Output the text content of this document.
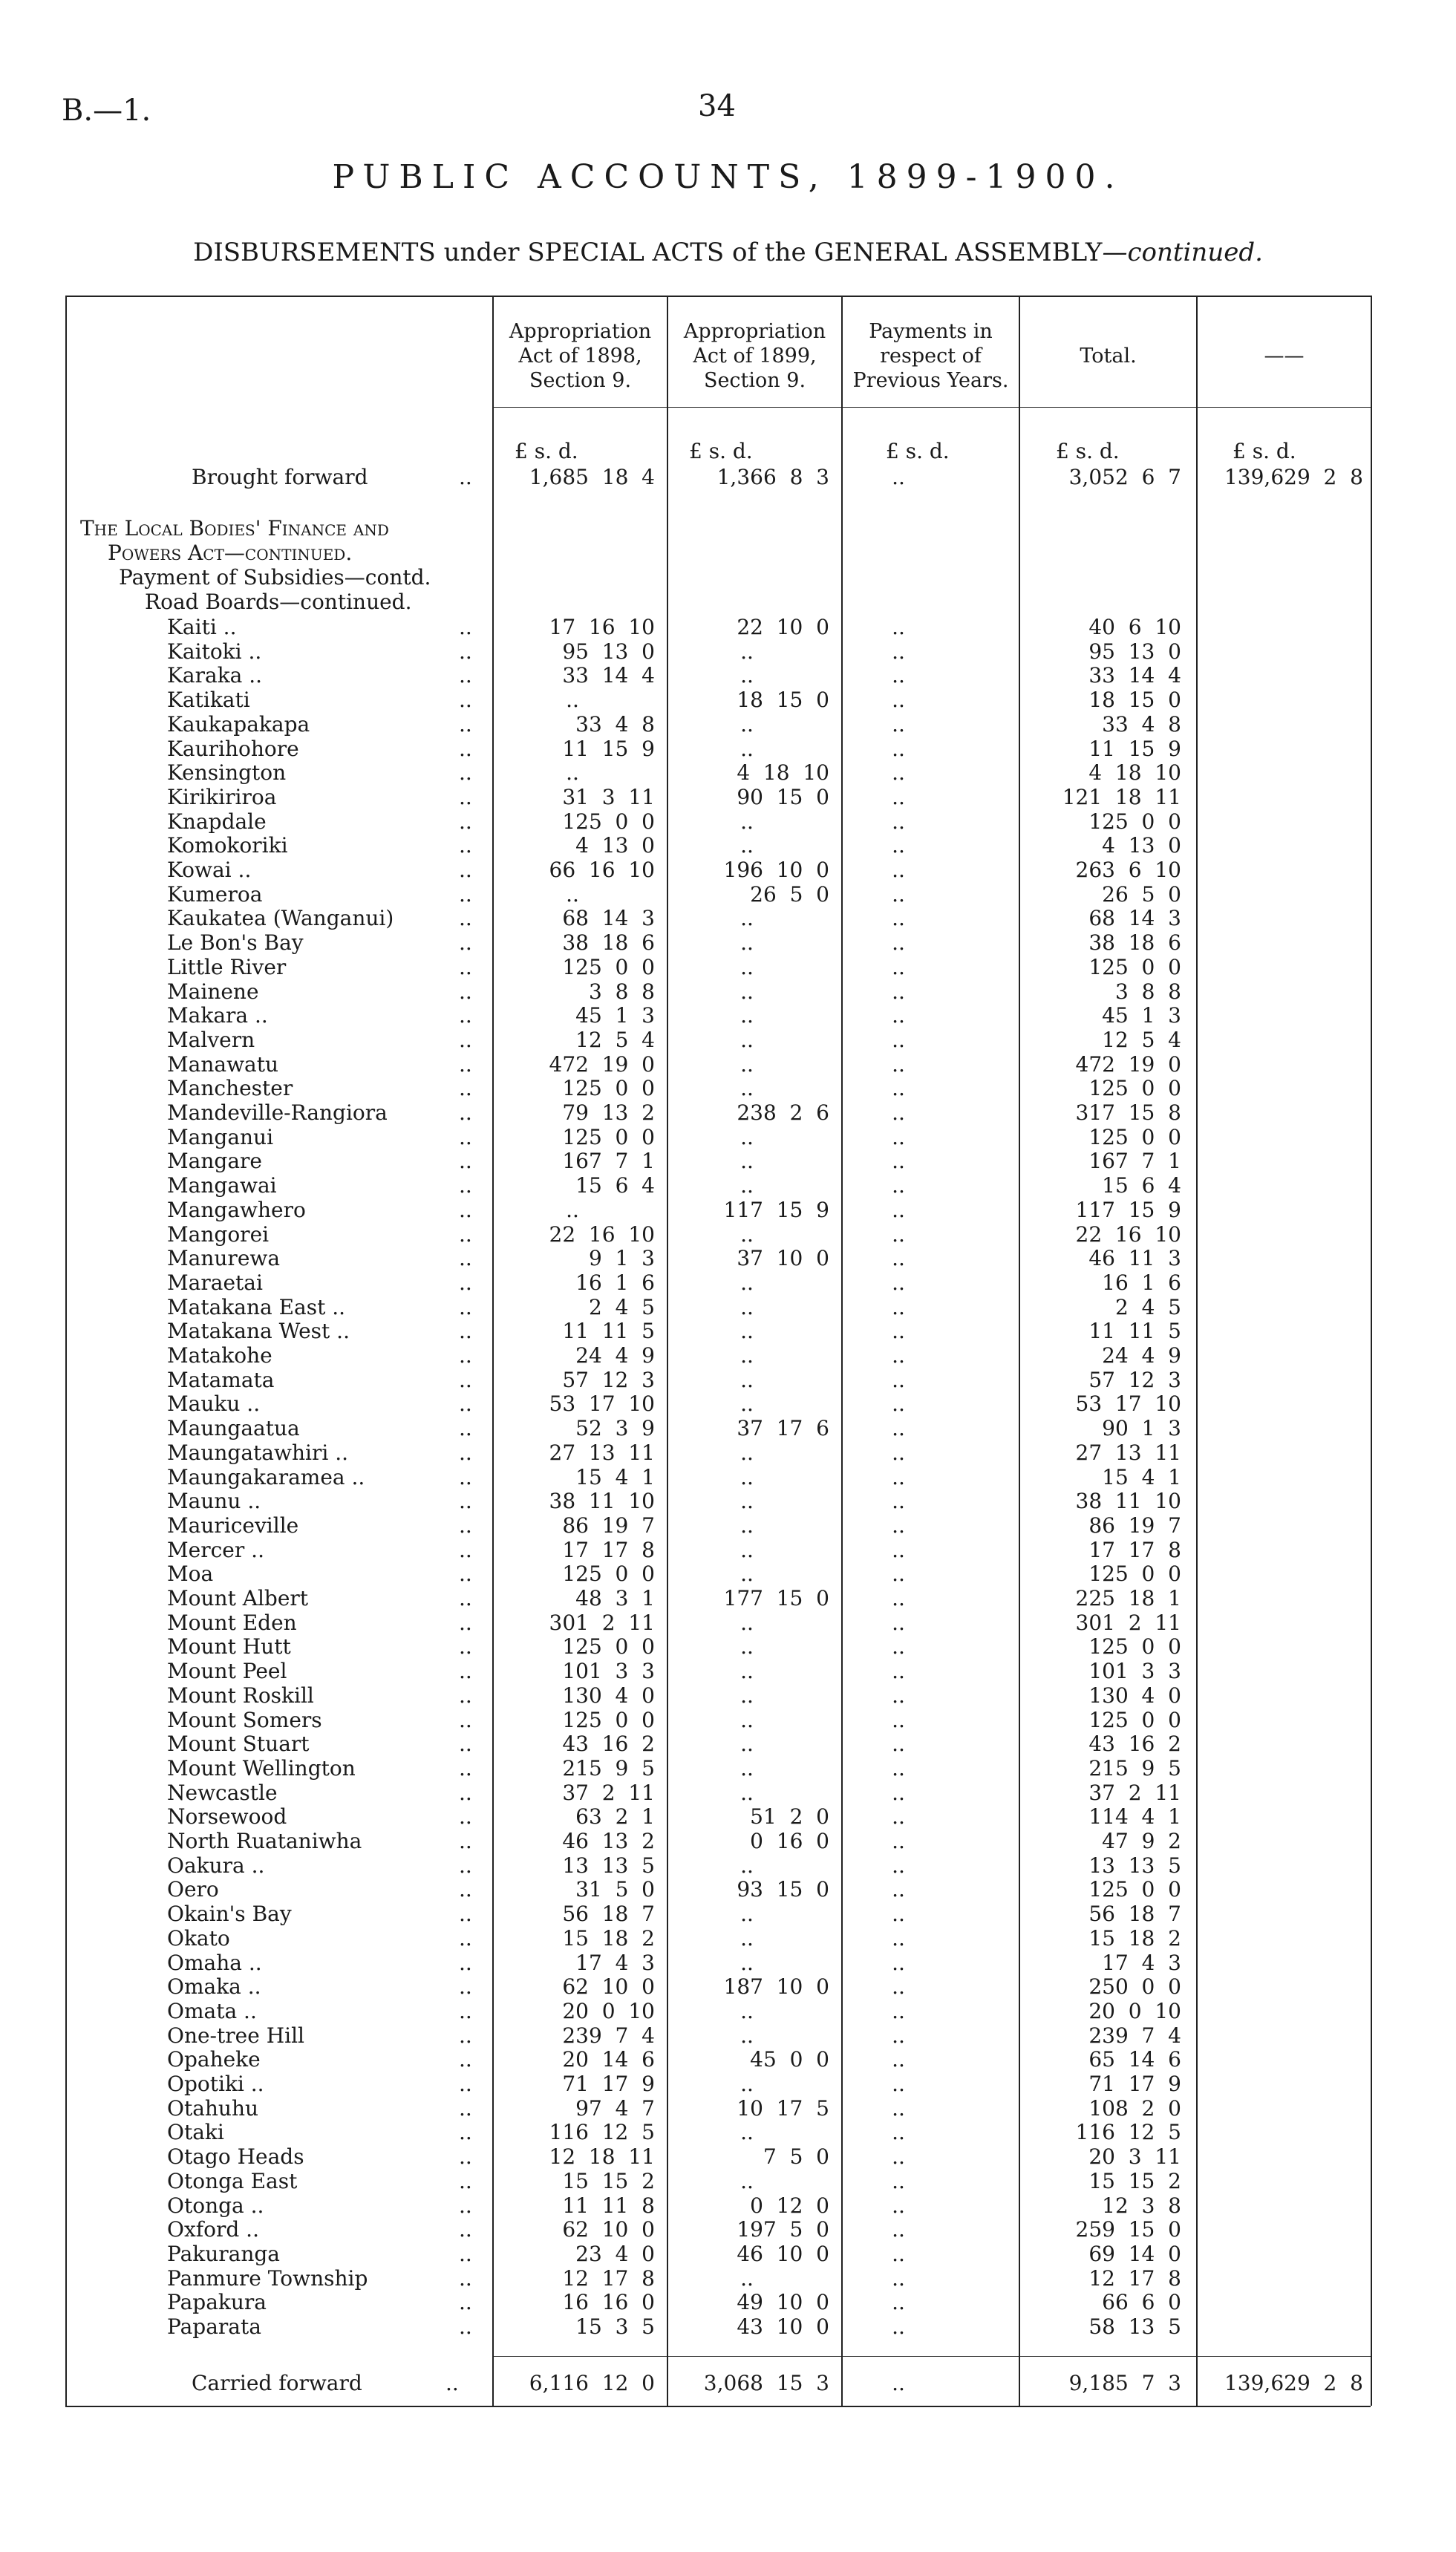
B.—1.	34
PUBLIC ACCOUNTS, 1899-1900.
DISBURSEMENTS under SPECIAL ACTS of the GENERAL ASSEMBLY—continued.
Appropriation
Act of 1898,
Section 9.
Appropriation
Act of 1899,
Section 9.
Payments in
respect of
Previous Years.
Total.	——
£ s. d.	£ s. d.	£ s. d.	£ s. d.	£ s. d.
Brought forward	..	1,685  18  4	1,366  8  3	..	3,052  6  7	139,629  2  8
The Local Bodies' Finance and
Powers Act—continued.
Payment of Subsidies—contd.
Road Boards—continued.
Kaiti ..	..	17  16  10	22  10  0	..	40  6  10
Kaitoki ..	..	95  13  0	..	..	95  13  0
Karaka ..	..	33  14  4	..	..	33  14  4
Katikati	..	..	18  15  0	..	18  15  0
Kaukapakapa	..	33  4  8	..	..	33  4  8
Kaurihohore	..	11  15  9	..	..	11  15  9
Kensington	..	..	4  18  10	..	4  18  10
Kirikiriroa	..	31  3  11	90  15  0	..	121  18  11
Knapdale	..	125  0  0	..	..	125  0  0
Komokoriki	..	4  13  0	..	..	4  13  0
Kowai ..	..	66  16  10	196  10  0	..	263  6  10
Kumeroa	..	..	26  5  0	..	26  5  0
Kaukatea (Wanganui)	..	68  14  3	..	..	68  14  3
Le Bon's Bay	..	38  18  6	..	..	38  18  6
Little River	..	125  0  0	..	..	125  0  0
Mainene	..	3  8  8	..	..	3  8  8
Makara ..	..	45  1  3	..	..	45  1  3
Malvern	..	12  5  4	..	..	12  5  4
Manawatu	..	472  19  0	..	..	472  19  0
Manchester	..	125  0  0	..	..	125  0  0
Mandeville-Rangiora	..	79  13  2	238  2  6	..	317  15  8
Manganui	..	125  0  0	..	..	125  0  0
Mangare	..	167  7  1	..	..	167  7  1
Mangawai	..	15  6  4	..	..	15  6  4
Mangawhero	..	..	117  15  9	..	117  15  9
Mangorei	..	22  16  10	..	..	22  16  10
Manurewa	..	9  1  3	37  10  0	..	46  11  3
Maraetai	..	16  1  6	..	..	16  1  6
Matakana East ..	..	2  4  5	..	..	2  4  5
Matakana West ..	..	11  11  5	..	..	11  11  5
Matakohe	..	24  4  9	..	..	24  4  9
Matamata	..	57  12  3	..	..	57  12  3
Mauku ..	..	53  17  10	..	..	53  17  10
Maungaatua	..	52  3  9	37  17  6	..	90  1  3
Maungatawhiri ..	..	27  13  11	..	..	27  13  11
Maungakaramea ..	..	15  4  1	..	..	15  4  1
Maunu ..	..	38  11  10	..	..	38  11  10
Mauriceville	..	86  19  7	..	..	86  19  7
Mercer ..	..	17  17  8	..	..	17  17  8
Moa	..	125  0  0	..	..	125  0  0
Mount Albert	..	48  3  1	177  15  0	..	225  18  1
Mount Eden	..	301  2  11	..	..	301  2  11
Mount Hutt	..	125  0  0	..	..	125  0  0
Mount Peel	..	101  3  3	..	..	101  3  3
Mount Roskill	..	130  4  0	..	..	130  4  0
Mount Somers	..	125  0  0	..	..	125  0  0
Mount Stuart	..	43  16  2	..	..	43  16  2
Mount Wellington	..	215  9  5	..	..	215  9  5
Newcastle	..	37  2  11	..	..	37  2  11
Norsewood	..	63  2  1	51  2  0	..	114  4  1
North Ruataniwha	..	46  13  2	0  16  0	..	47  9  2
Oakura ..	..	13  13  5	..	..	13  13  5
Oero	..	31  5  0	93  15  0	..	125  0  0
Okain's Bay	..	56  18  7	..	..	56  18  7
Okato	..	15  18  2	..	..	15  18  2
Omaha ..	..	17  4  3	..	..	17  4  3
Omaka ..	..	62  10  0	187  10  0	..	250  0  0
Omata ..	..	20  0  10	..	..	20  0  10
One-tree Hill	..	239  7  4	..	..	239  7  4
Opaheke	..	20  14  6	45  0  0	..	65  14  6
Opotiki ..	..	71  17  9	..	..	71  17  9
Otahuhu	..	97  4  7	10  17  5	..	108  2  0
Otaki	..	116  12  5	..	..	116  12  5
Otago Heads	..	12  18  11	7  5  0	..	20  3  11
Otonga East	..	15  15  2	..	..	15  15  2
Otonga ..	..	11  11  8	0  12  0	..	12  3  8
Oxford ..	..	62  10  0	197  5  0	..	259  15  0
Pakuranga	..	23  4  0	46  10  0	..	69  14  0
Panmure Township	..	12  17  8	..	..	12  17  8
Papakura	..	16  16  0	49  10  0	..	66  6  0
Paparata	..	15  3  5	43  10  0	..	58  13  5
Carried forward	..	6,116  12  0	3,068  15  3	..	9,185  7  3	139,629  2  8
